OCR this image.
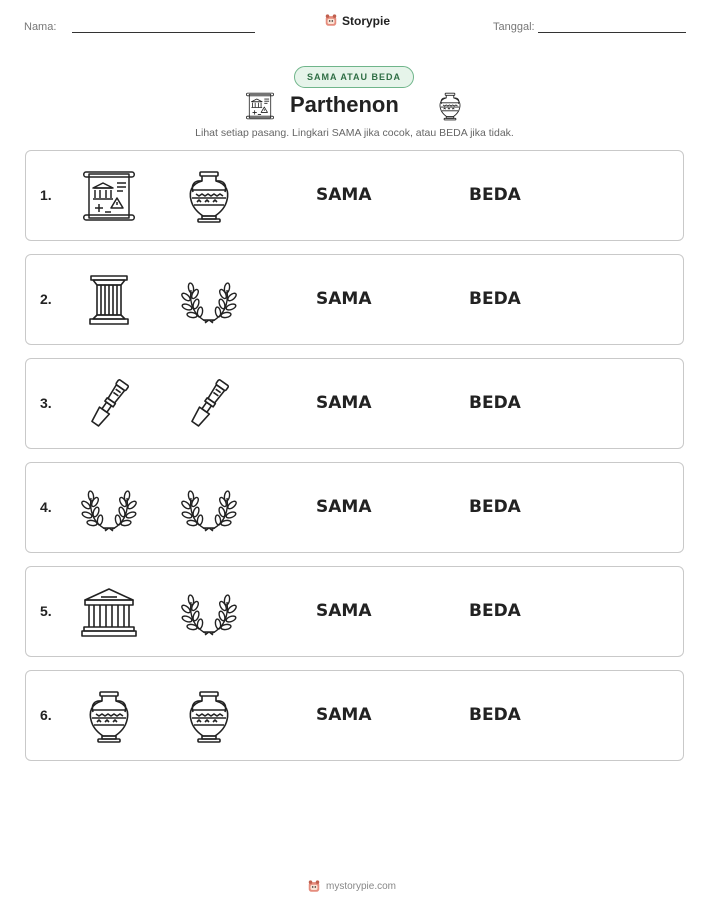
Nama:	Storypie	Tanggal:
SAMA ATAU BEDA
Parthenon
Lihat setiap pasang. Lingkari SAMA jika cocok, atau BEDA jika tidak.
1.	SAMA	BEDA
2.	SAMA	BEDA
3.	SAMA	BEDA
4.	SAMA	BEDA
5.	SAMA	BEDA
6.	SAMA	BEDA
mystorypie.com
